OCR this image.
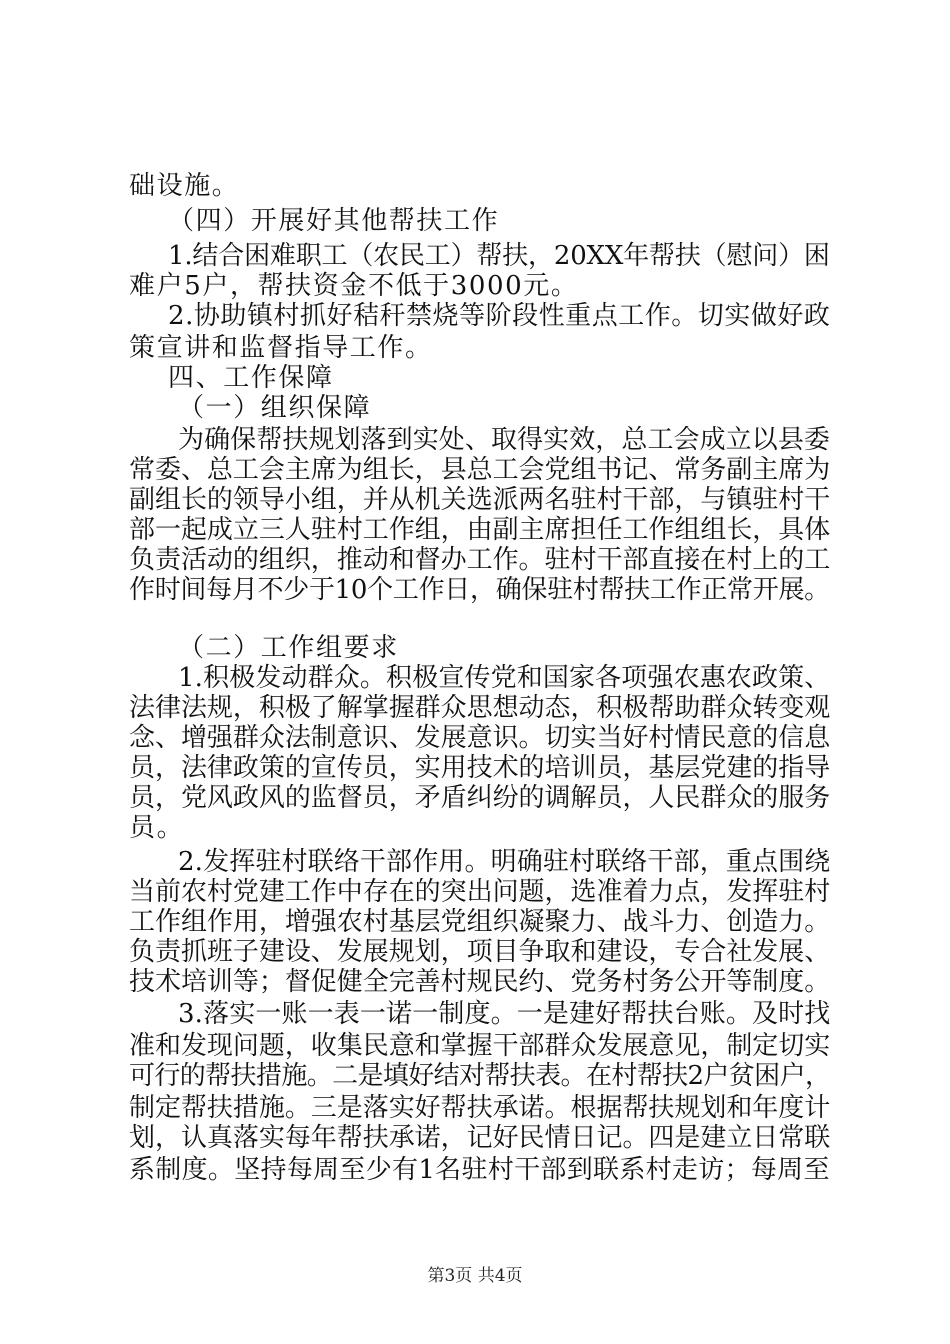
础设施。
（四）开展好其他帮扶工作
1.结合困难职工（农民工）帮扶，20XX年帮扶（慰问）困
难户5户，帮扶资金不低于3000元。
2.协助镇村抓好秸秆禁烧等阶段性重点工作。切实做好政
策宣讲和监督指导工作。
四、工作保障
（一）组织保障
为确保帮扶规划落到实处、取得实效，总工会成立以县委
常委、总工会主席为组长，县总工会党组书记、常务副主席为
副组长的领导小组，并从机关选派两名驻村干部，与镇驻村干
部一起成立三人驻村工作组，由副主席担任工作组组长，具体
负责活动的组织，推动和督办工作。驻村干部直接在村上的工
作时间每月不少于10个工作日，确保驻村帮扶工作正常开展。
（二）工作组要求
1.积极发动群众。积极宣传党和国家各项强农惠农政策、
法律法规，积极了解掌握群众思想动态，积极帮助群众转变观
念、增强群众法制意识、发展意识。切实当好村情民意的信息
员，法律政策的宣传员，实用技术的培训员，基层党建的指导
员，党风政风的监督员，矛盾纠纷的调解员，人民群众的服务
员。
2.发挥驻村联络干部作用。明确驻村联络干部，重点围绕
当前农村党建工作中存在的突出问题，选准着力点，发挥驻村
工作组作用，增强农村基层党组织凝聚力、战斗力、创造力。
负责抓班子建设、发展规划，项目争取和建设，专合社发展、
技术培训等；督促健全完善村规民约、党务村务公开等制度。
3.落实一账一表一诺一制度。一是建好帮扶台账。及时找
准和发现问题，收集民意和掌握干部群众发展意见，制定切实
可行的帮扶措施。二是填好结对帮扶表。在村帮扶2户贫困户，
制定帮扶措施。三是落实好帮扶承诺。根据帮扶规划和年度计
划，认真落实每年帮扶承诺，记好民情日记。四是建立日常联
系制度。坚持每周至少有1名驻村干部到联系村走访；每周至
第3页 共4页
